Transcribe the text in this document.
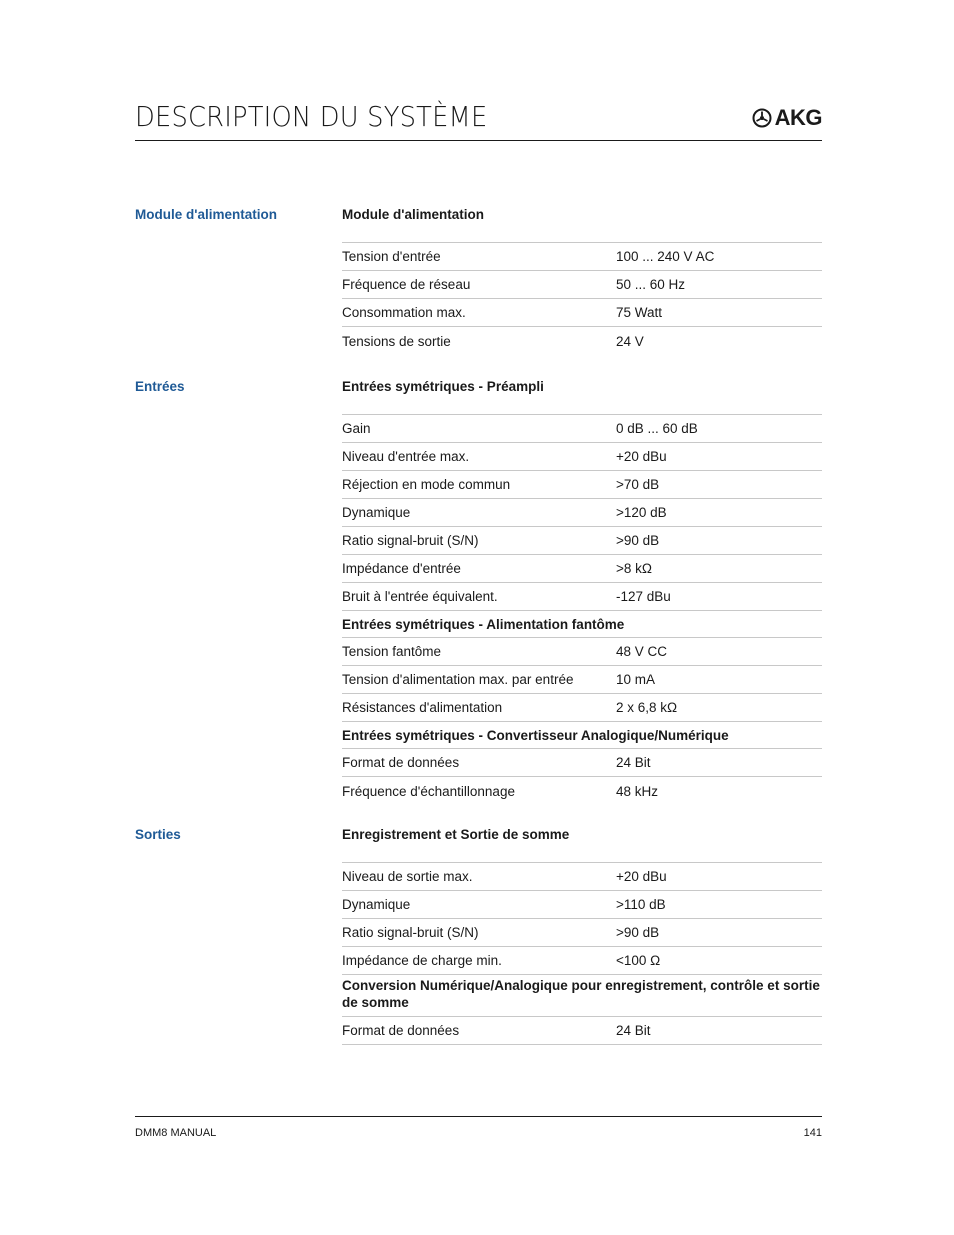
DESCRIPTION DU SYSTÈME	AKG
Module d'alimentation	Module d'alimentation
Tension d'entrée	100 ... 240 V AC
Fréquence de réseau	50 ... 60 Hz
Consommation max.	75 Watt
Tensions de sortie	24 V
Entrées	Entrées symétriques - Préampli
Gain	0 dB ... 60 dB
Niveau d'entrée max.	+20 dBu
Réjection en mode commun	>70 dB
Dynamique	>120 dB
Ratio signal-bruit (S/N)	>90 dB
Impédance d'entrée	>8 kΩ
Bruit à l'entrée équivalent.	-127 dBu
Entrées symétriques - Alimentation fantôme
Tension fantôme	48 V CC
Tension d'alimentation max. par entrée	10 mA
Résistances d'alimentation	2 x 6,8 kΩ
Entrées symétriques - Convertisseur Analogique/Numérique
Format de données	24 Bit
Fréquence d'échantillonnage	48 kHz
Sorties	Enregistrement et Sortie de somme
Niveau de sortie max.	+20 dBu
Dynamique	>110 dB
Ratio signal-bruit (S/N)	>90 dB
Impédance de charge min.	<100 Ω
Conversion Numérique/Analogique pour enregistrement, contrôle et sortie de somme
Format de données	24 Bit
DMM8 MANUAL	141
